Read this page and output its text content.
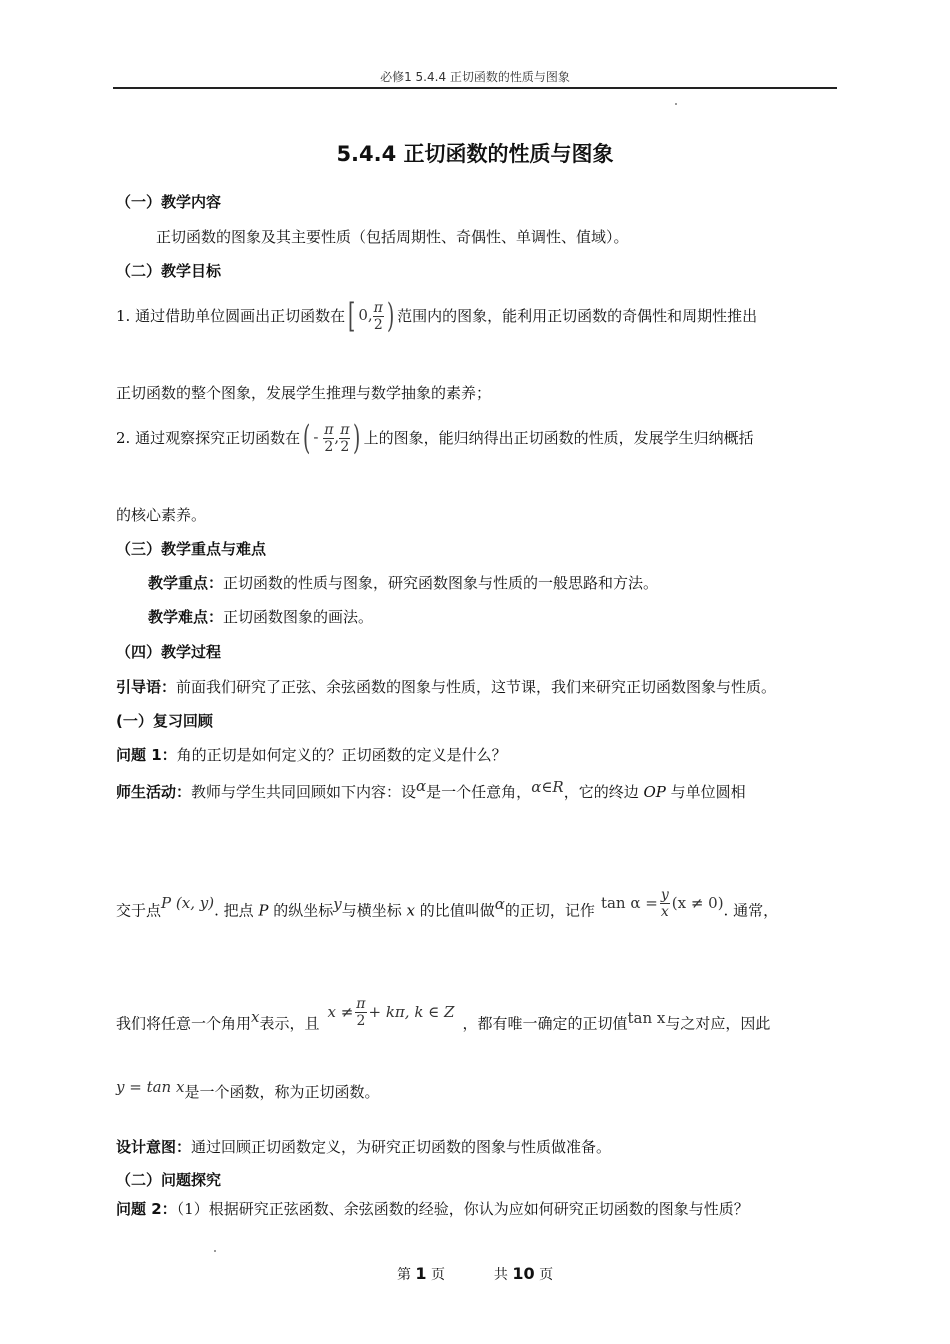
必修1 5.4.4 正切函数的性质与图象
5.4.4 正切函数的性质与图象
（一）教学内容
正切函数的图象及其主要性质（包括周期性、奇偶性、单调性、值域）。
（二）教学目标
1. 通过借助单位圆画出正切函数在[ 0, $\frac{\pi}{2}$ ) 范围内的图象，能利用正切函数的奇偶性和周期性推出
正切函数的整个图象，发展学生推理与数学抽象的素养；
2. 通过观察探究正切函数在( - $\frac{\pi}{2}$ , $\frac{\pi}{2}$ ) 上的图象，能归纳得出正切函数的性质，发展学生归纳概括
的核心素养。
（三）教学重点与难点
教学重点：正切函数的性质与图象，研究函数图象与性质的一般思路和方法。
教学难点：正切函数图象的画法。
（四）教学过程
引导语：前面我们研究了正弦、余弦函数的图象与性质，这节课，我们来研究正切函数图象与性质。
(一）复习回顾
问题 1：角的正切是如何定义的？正切函数的定义是什么？
师生活动：教师与学生共同回顾如下内容：设α是一个任意角，α∈R，它的终边 OP 与单位圆相
交于点P (x, y). 把点 P 的纵坐标y与横坐标 x 的比值叫做α的正切，记作 $\tan \alpha = \frac{y}{x} (x \ne 0)$. 通常，
我们将任意一个角用x表示，且$x \ne \frac{\pi}{2} + k\pi$, k ∈ Z，都有唯一确定的正切值tan x与之对应，因此
y = tan x是一个函数，称为正切函数。
设计意图：通过回顾正切函数定义，为研究正切函数的图象与性质做准备。
（二）问题探究
问题 2：（1）根据研究正弦函数、余弦函数的经验，你认为应如何研究正切函数的图象与性质？
第 1 页	共 10 页
